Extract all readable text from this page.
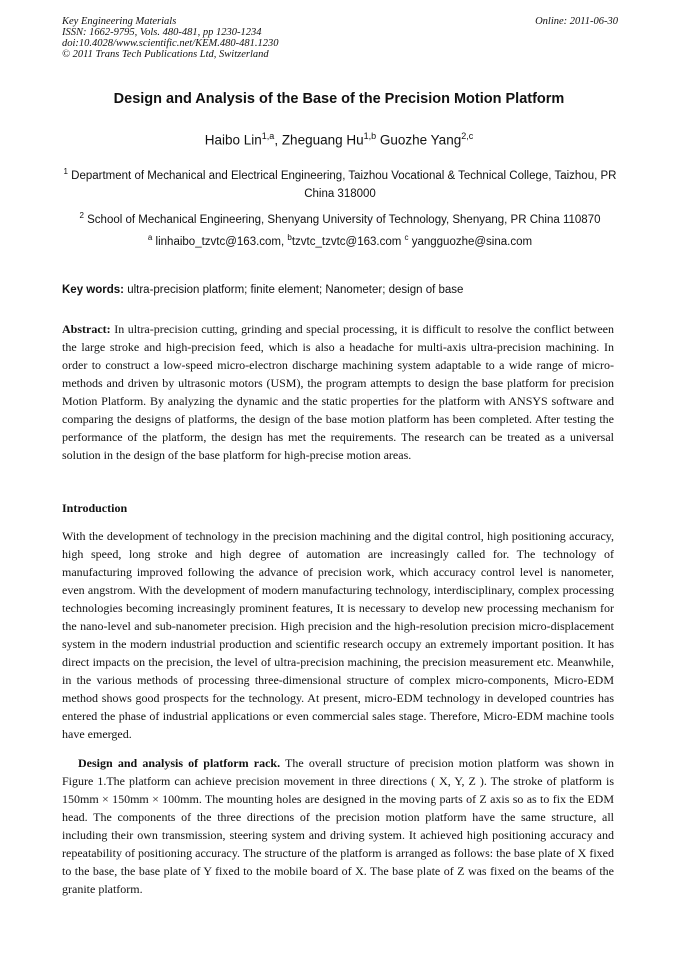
Key Engineering Materials
ISSN: 1662-9795, Vols. 480-481, pp 1230-1234
doi:10.4028/www.scientific.net/KEM.480-481.1230
© 2011 Trans Tech Publications Ltd, Switzerland
Online: 2011-06-30
Design and Analysis of the Base of the Precision Motion Platform
Haibo Lin$^{1,a}$, Zheguang Hu$^{1,b}$ Guozhe Yang$^{2,c}$
$^1$ Department of Mechanical and Electrical Engineering, Taizhou Vocational & Technical College, Taizhou, PR China 318000
$^2$ School of Mechanical Engineering, Shenyang University of Technology, Shenyang, PR China 110870
$^a$ linhaibo_tzvtc@163.com, $^b$tzvtc_tzvtc@163.com $^c$ yangguozhe@sina.com
Key words: ultra-precision platform; finite element; Nanometer; design of base
Abstract: In ultra-precision cutting, grinding and special processing, it is difficult to resolve the conflict between the large stroke and high-precision feed, which is also a headache for multi-axis ultra-precision machining. In order to construct a low-speed micro-electron discharge machining system adaptable to a wide range of micro-methods and driven by ultrasonic motors (USM), the program attempts to design the base platform for precision Motion Platform. By analyzing the dynamic and the static properties for the platform with ANSYS software and comparing the designs of platforms, the design of the base motion platform has been completed. After testing the performance of the platform, the design has met the requirements. The research can be treated as a universal solution in the design of the base platform for high-precise motion areas.
Introduction
With the development of technology in the precision machining and the digital control, high positioning accuracy, high speed, long stroke and high degree of automation are increasingly called for. The technology of manufacturing improved following the advance of precision work, which accuracy control level is nanometer, even angstrom. With the development of modern manufacturing technology, interdisciplinary, complex processing technologies becoming increasingly prominent features, It is necessary to develop new processing mechanism for the nano-level and sub-nanometer precision. High precision and the high-resolution precision micro-displacement system in the modern industrial production and scientific research occupy an extremely important position. It has direct impacts on the precision, the level of ultra-precision machining, the precision measurement etc. Meanwhile, in the various methods of processing three-dimensional structure of complex micro-components, Micro-EDM method shows good prospects for the technology. At present, micro-EDM technology in developed countries has entered the phase of industrial applications or even commercial sales stage. Therefore, Micro-EDM machine tools have emerged.
Design and analysis of platform rack. The overall structure of precision motion platform was shown in Figure 1.The platform can achieve precision movement in three directions ( X, Y, Z ). The stroke of platform is 150mm × 150mm × 100mm. The mounting holes are designed in the moving parts of Z axis so as to fix the EDM head. The components of the three directions of the precision motion platform have the same structure, all including their own transmission, steering system and driving system. It achieved high positioning accuracy and repeatability of positioning accuracy. The structure of the platform is arranged as follows: the base plate of X fixed to the base, the base plate of Y fixed to the mobile board of X. The base plate of Z was fixed on the beams of the granite platform.
